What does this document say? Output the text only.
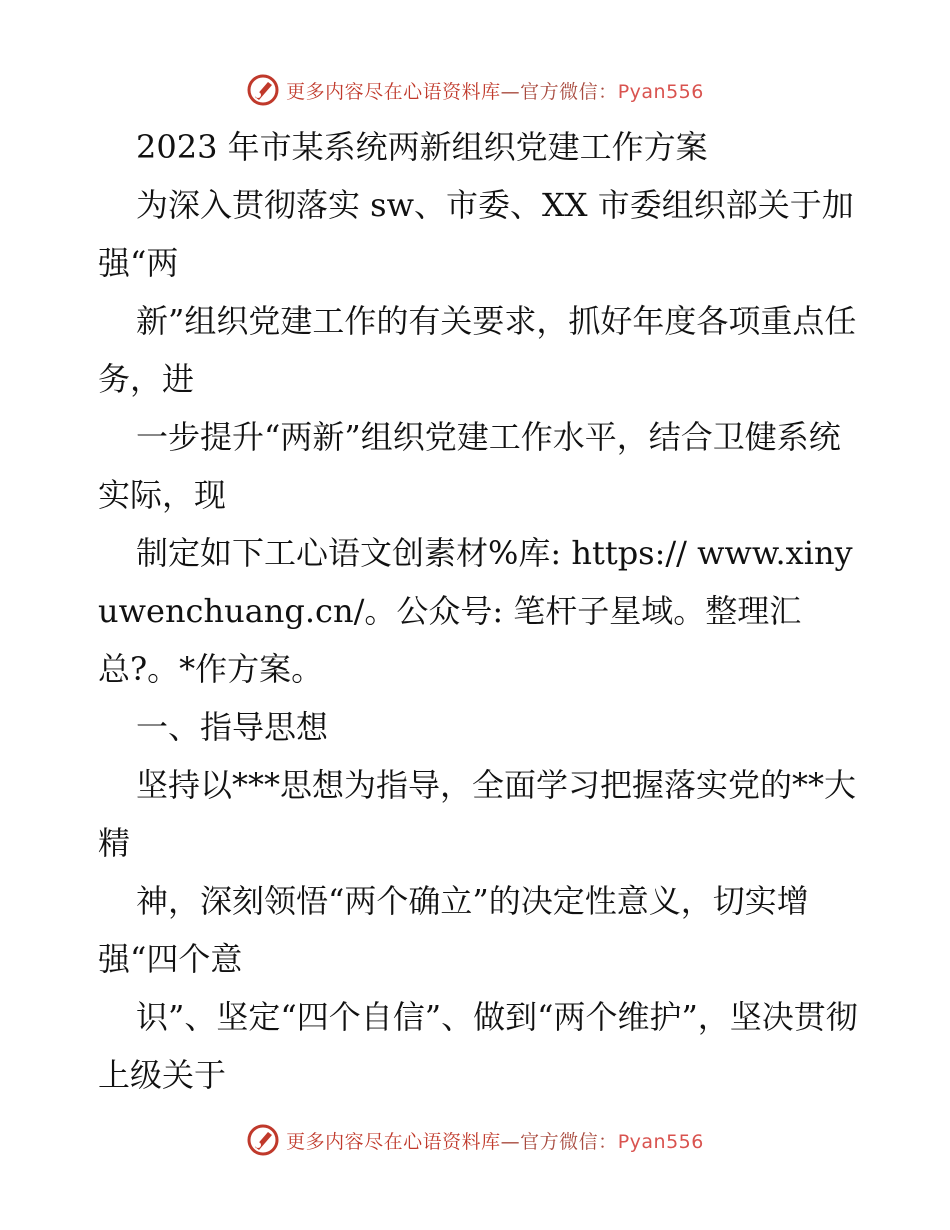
更多内容尽在心语资料库—官方微信：Pyan556

2023 年市某系统两新组织党建工作方案

为深入贯彻落实 sw、市委、XX 市委组织部关于加强“两

新”组织党建工作的有关要求，抓好年度各项重点任务，进

一步提升“两新”组织党建工作水平，结合卫健系统实际，现

制定如下工心语文创素材%库: https:// www.xinyuwenchuang.cn/。公众号: 笔杆子星域。整理汇总?。*作方案。

一、指导思想

坚持以***思想为指导，全面学习把握落实党的**大精

神，深刻领悟“两个确立”的决定性意义，切实增强“四个意

识”、坚定“四个自信”、做到“两个维护”，坚决贯彻上级关于

更多内容尽在心语资料库—官方微信：Pyan556
